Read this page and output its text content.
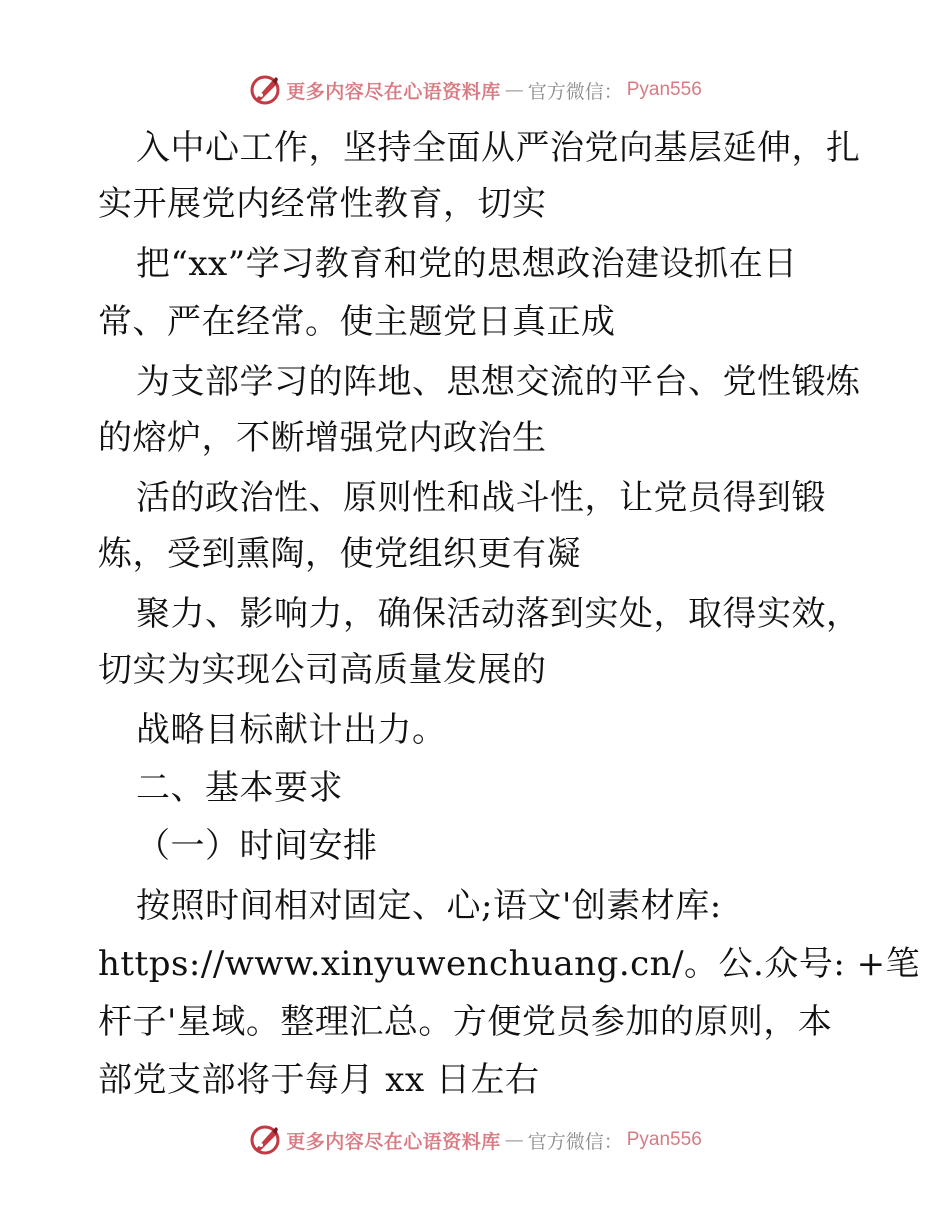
更多内容尽在心语资料库 — 官方微信： Pyan556
入中心工作，坚持全面从严治党向基层延伸，扎
实开展党内经常性教育，切实
把“xx”学习教育和党的思想政治建设抓在日
常、严在经常。使主题党日真正成
为支部学习的阵地、思想交流的平台、党性锻炼
的熔炉，不断增强党内政治生
活的政治性、原则性和战斗性，让党员得到锻
炼，受到熏陶，使党组织更有凝
聚力、影响力，确保活动落到实处，取得实效，
切实为实现公司高质量发展的
战略目标献计出力。
二、基本要求
（一）时间安排
按照时间相对固定、心;语文'创素材库:
https://www.xinyuwenchuang.cn/。公.众号: +笔
杆子'星域。整理汇总。方便党员参加的原则，本
部党支部将于每月 xx 日左右
更多内容尽在心语资料库 — 官方微信： Pyan556
